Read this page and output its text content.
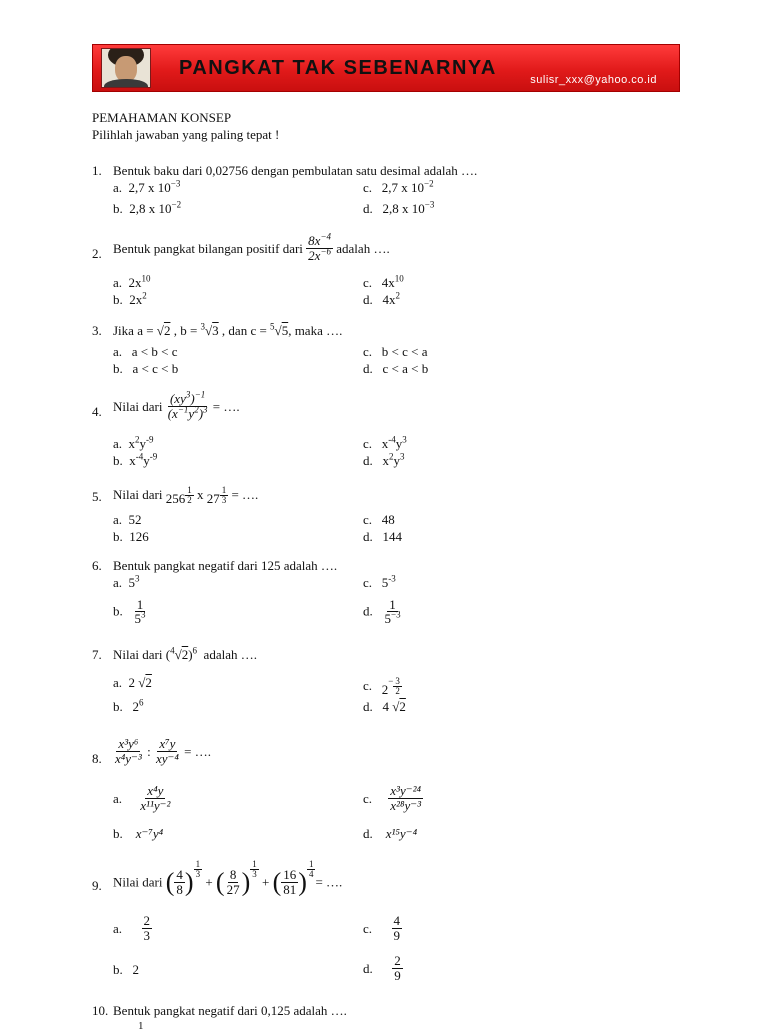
PANGKAT TAK SEBENARNYA
sulisr_xxx@yahoo.co.id
PEMAHAMAN KONSEP
Pilihlah jawaban yang paling tepat !
1. Bentuk baku dari 0,02756 dengan pembulatan satu desimal adalah ….
a. 2,7 x $10^{-3}$
b. 2,8 x $10^{-2}$
c. 2,7 x $10^{-2}$
d. 2,8 x $10^{-3}$
2. Bentuk pangkat bilangan positif dari $\frac{8x^{-4}}{2x^{-6}}$ adalah ….
a. $2x^{10}$
b. $2x^2$
c. $4x^{10}$
d. $4x^2$
3. Jika a = √2 , b = $^3$√3 , dan c = $^5$√5, maka ….
a. a < b < c
b. a < c < b
c. b < c < a
d. c < a < b
4. Nilai dari $\frac{(xy^3)^{-1}}{(x^{-1}y^2)^3}$ = ….
a. $x^2y^{-9}$
b. $x^{-4}y^{-9}$
c. $x^{-4}y^3$
d. $x^2y^3$
5. Nilai dari $256 \frac{1}{2}$ x $27 \frac{1}{3}$ = ….
a. 52
b. 126
c. 48
d. 144
6. Bentuk pangkat negatif dari 125 adalah ….
a. $5^3$
b. $\frac{1}{5^3}$
c. $5^{-3}$
d. $\frac{1}{5^{-3}}$
7. Nilai dari $(^4√2)^6$ adalah ….
a. 2 √2
b. $2^6$
c. $2^- \frac{3}{2}$
d. 4 √2
8. $\frac{\text{x³y⁶}}{\text{x⁴y⁻³}}$ : $\frac{\text{x⁷y}}{\text{xy⁻⁴}}$ = ….
a. $\frac{\text{x⁴y}}{\text{x¹¹y⁻²}}$
b. x⁻⁷y⁴
c. $\frac{\text{x³y⁻²⁴}}{\text{x²⁸y⁻³}}$
d. x¹⁵y⁻⁴
9. Nilai dari ( $\frac{4}{8}$ ) $\frac{1}{3}$
+ ( $\frac{8}{27}$ ) $\frac{1}{3}$
+ ( $\frac{16}{81}$ ) $\frac{1}{4}$
= ….
a. $\frac{2}{3}$
b. 2
c. $\frac{4}{9}$
d. $\frac{2}{9}$
10. Bentuk pangkat negatif dari 0,125 adalah ….
1
